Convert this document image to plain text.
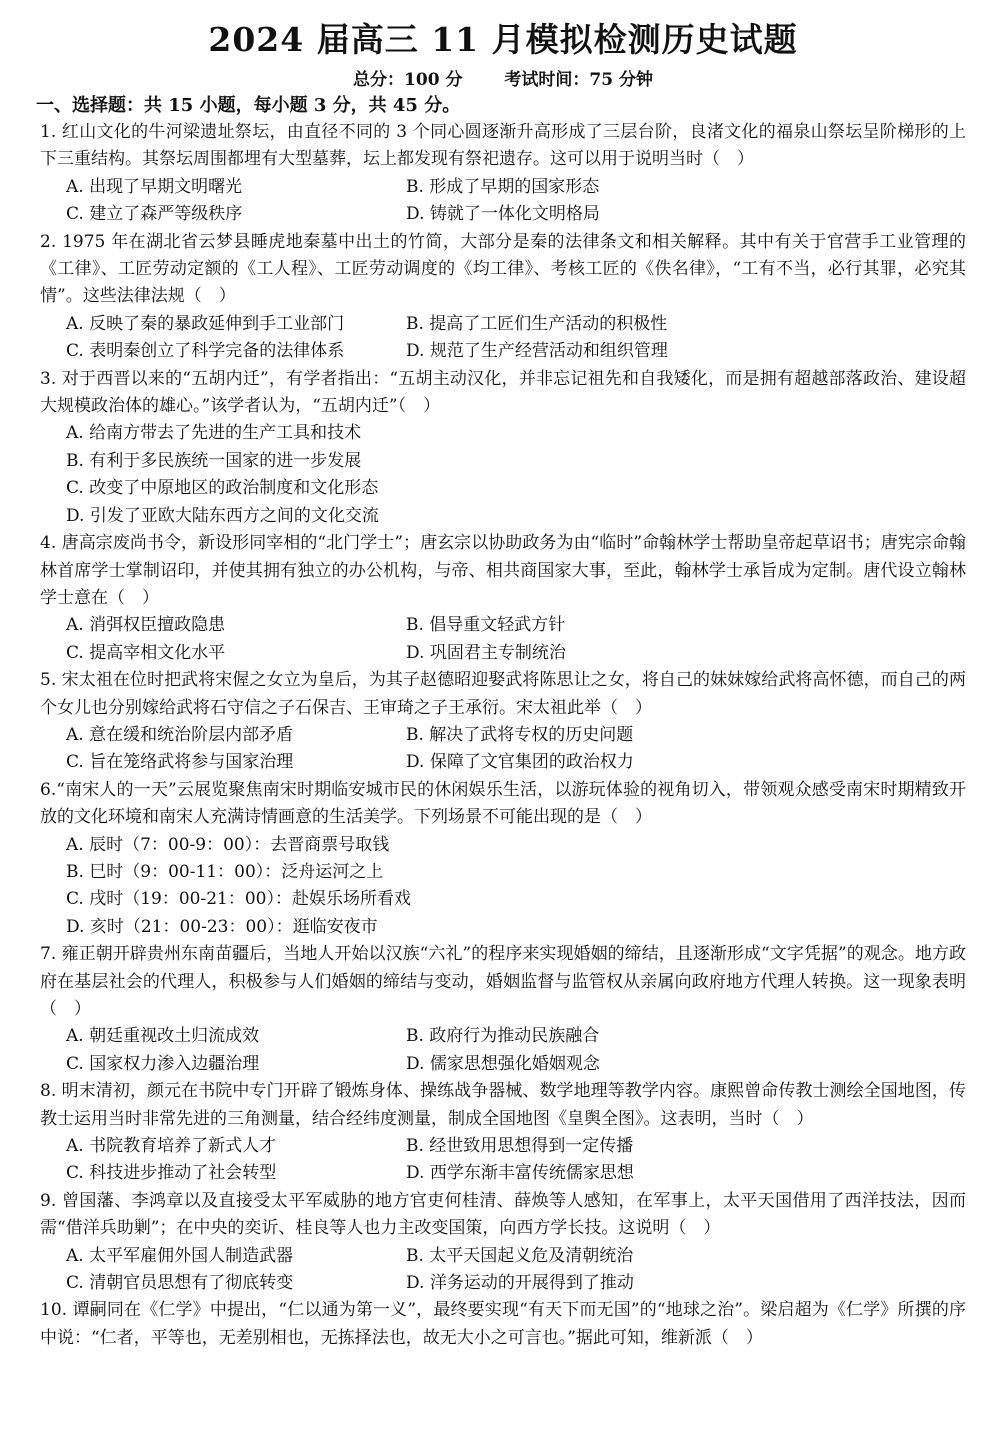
2024 届高三 11 月模拟检测历史试题
总分：100 分 考试时间：75 分钟
一、选择题：共 15 小题，每小题 3 分，共 45 分。
1. 红山文化的牛河梁遗址祭坛，由直径不同的 3 个同心圆逐渐升高形成了三层台阶，良渚文化的福泉山祭坛呈阶梯形的上下三重结构。其祭坛周围都埋有大型墓葬，坛上都发现有祭祀遗存。这可以用于说明当时（　）
A. 出现了早期文明曙光	B. 形成了早期的国家形态
C. 建立了森严等级秩序	D. 铸就了一体化文明格局
2. 1975 年在湖北省云梦县睡虎地秦墓中出土的竹简，大部分是秦的法律条文和相关解释。其中有关于官营手工业管理的《工律》、工匠劳动定额的《工人程》、工匠劳动调度的《均工律》、考核工匠的《佚名律》，“工有不当，必行其罪，必究其情”。这些法律法规（　）
A. 反映了秦的暴政延伸到手工业部门	B. 提高了工匠们生产活动的积极性
C. 表明秦创立了科学完备的法律体系	D. 规范了生产经营活动和组织管理
3. 对于西晋以来的“五胡内迁”，有学者指出：“五胡主动汉化，并非忘记祖先和自我矮化，而是拥有超越部落政治、建设超大规模政治体的雄心。”该学者认为，“五胡内迁”（　）
A. 给南方带去了先进的生产工具和技术
B. 有利于多民族统一国家的进一步发展
C. 改变了中原地区的政治制度和文化形态
D. 引发了亚欧大陆东西方之间的文化交流
4. 唐高宗废尚书令，新设形同宰相的“北门学士”；唐玄宗以协助政务为由“临时”命翰林学士帮助皇帝起草诏书；唐宪宗命翰林首席学士掌制诏印，并使其拥有独立的办公机构，与帝、相共商国家大事，至此，翰林学士承旨成为定制。唐代设立翰林学士意在（　）
A. 消弭权臣擅政隐患	B. 倡导重文轻武方针
C. 提高宰相文化水平	D. 巩固君主专制统治
5. 宋太祖在位时把武将宋偓之女立为皇后，为其子赵德昭迎娶武将陈思让之女，将自己的妹妹嫁给武将高怀德，而自己的两个女儿也分别嫁给武将石守信之子石保吉、王审琦之子王承衍。宋太祖此举（　）
A. 意在缓和统治阶层内部矛盾	B. 解决了武将专权的历史问题
C. 旨在笼络武将参与国家治理	D. 保障了文官集团的政治权力
6.“南宋人的一天”云展览聚焦南宋时期临安城市民的休闲娱乐生活，以游玩体验的视角切入，带领观众感受南宋时期精致开放的文化环境和南宋人充满诗情画意的生活美学。下列场景不可能出现的是（　）
A. 辰时（7：00-9：00）：去晋商票号取钱
B. 巳时（9：00-11：00）：泛舟运河之上
C. 戌时（19：00-21：00）：赴娱乐场所看戏
D. 亥时（21：00-23：00）：逛临安夜市
7. 雍正朝开辟贵州东南苗疆后，当地人开始以汉族“六礼”的程序来实现婚姻的缔结，且逐渐形成“文字凭据”的观念。地方政府在基层社会的代理人，积极参与人们婚姻的缔结与变动，婚姻监督与监管权从亲属向政府地方代理人转换。这一现象表明（　）
A. 朝廷重视改土归流成效	B. 政府行为推动民族融合
C. 国家权力渗入边疆治理	D. 儒家思想强化婚姻观念
8. 明末清初，颜元在书院中专门开辟了锻炼身体、操练战争器械、数学地理等教学内容。康熙曾命传教士测绘全国地图，传教士运用当时非常先进的三角测量，结合经纬度测量，制成全国地图《皇舆全图》。这表明，当时（　）
A. 书院教育培养了新式人才	B. 经世致用思想得到一定传播
C. 科技进步推动了社会转型	D. 西学东渐丰富传统儒家思想
9. 曾国藩、李鸿章以及直接受太平军威胁的地方官吏何桂清、薛焕等人感知，在军事上，太平天国借用了西洋技法，因而需“借洋兵助剿”；在中央的奕䜣、桂良等人也力主改变国策，向西方学长技。这说明（　）
A. 太平军雇佣外国人制造武器	B. 太平天国起义危及清朝统治
C. 清朝官员思想有了彻底转变	D. 洋务运动的开展得到了推动
10. 谭嗣同在《仁学》中提出，“仁以通为第一义”，最终要实现“有天下而无国”的“地球之治”。梁启超为《仁学》所撰的序中说：“仁者，平等也，无差别相也，无拣择法也，故无大小之可言也。”据此可知，维新派（　）
